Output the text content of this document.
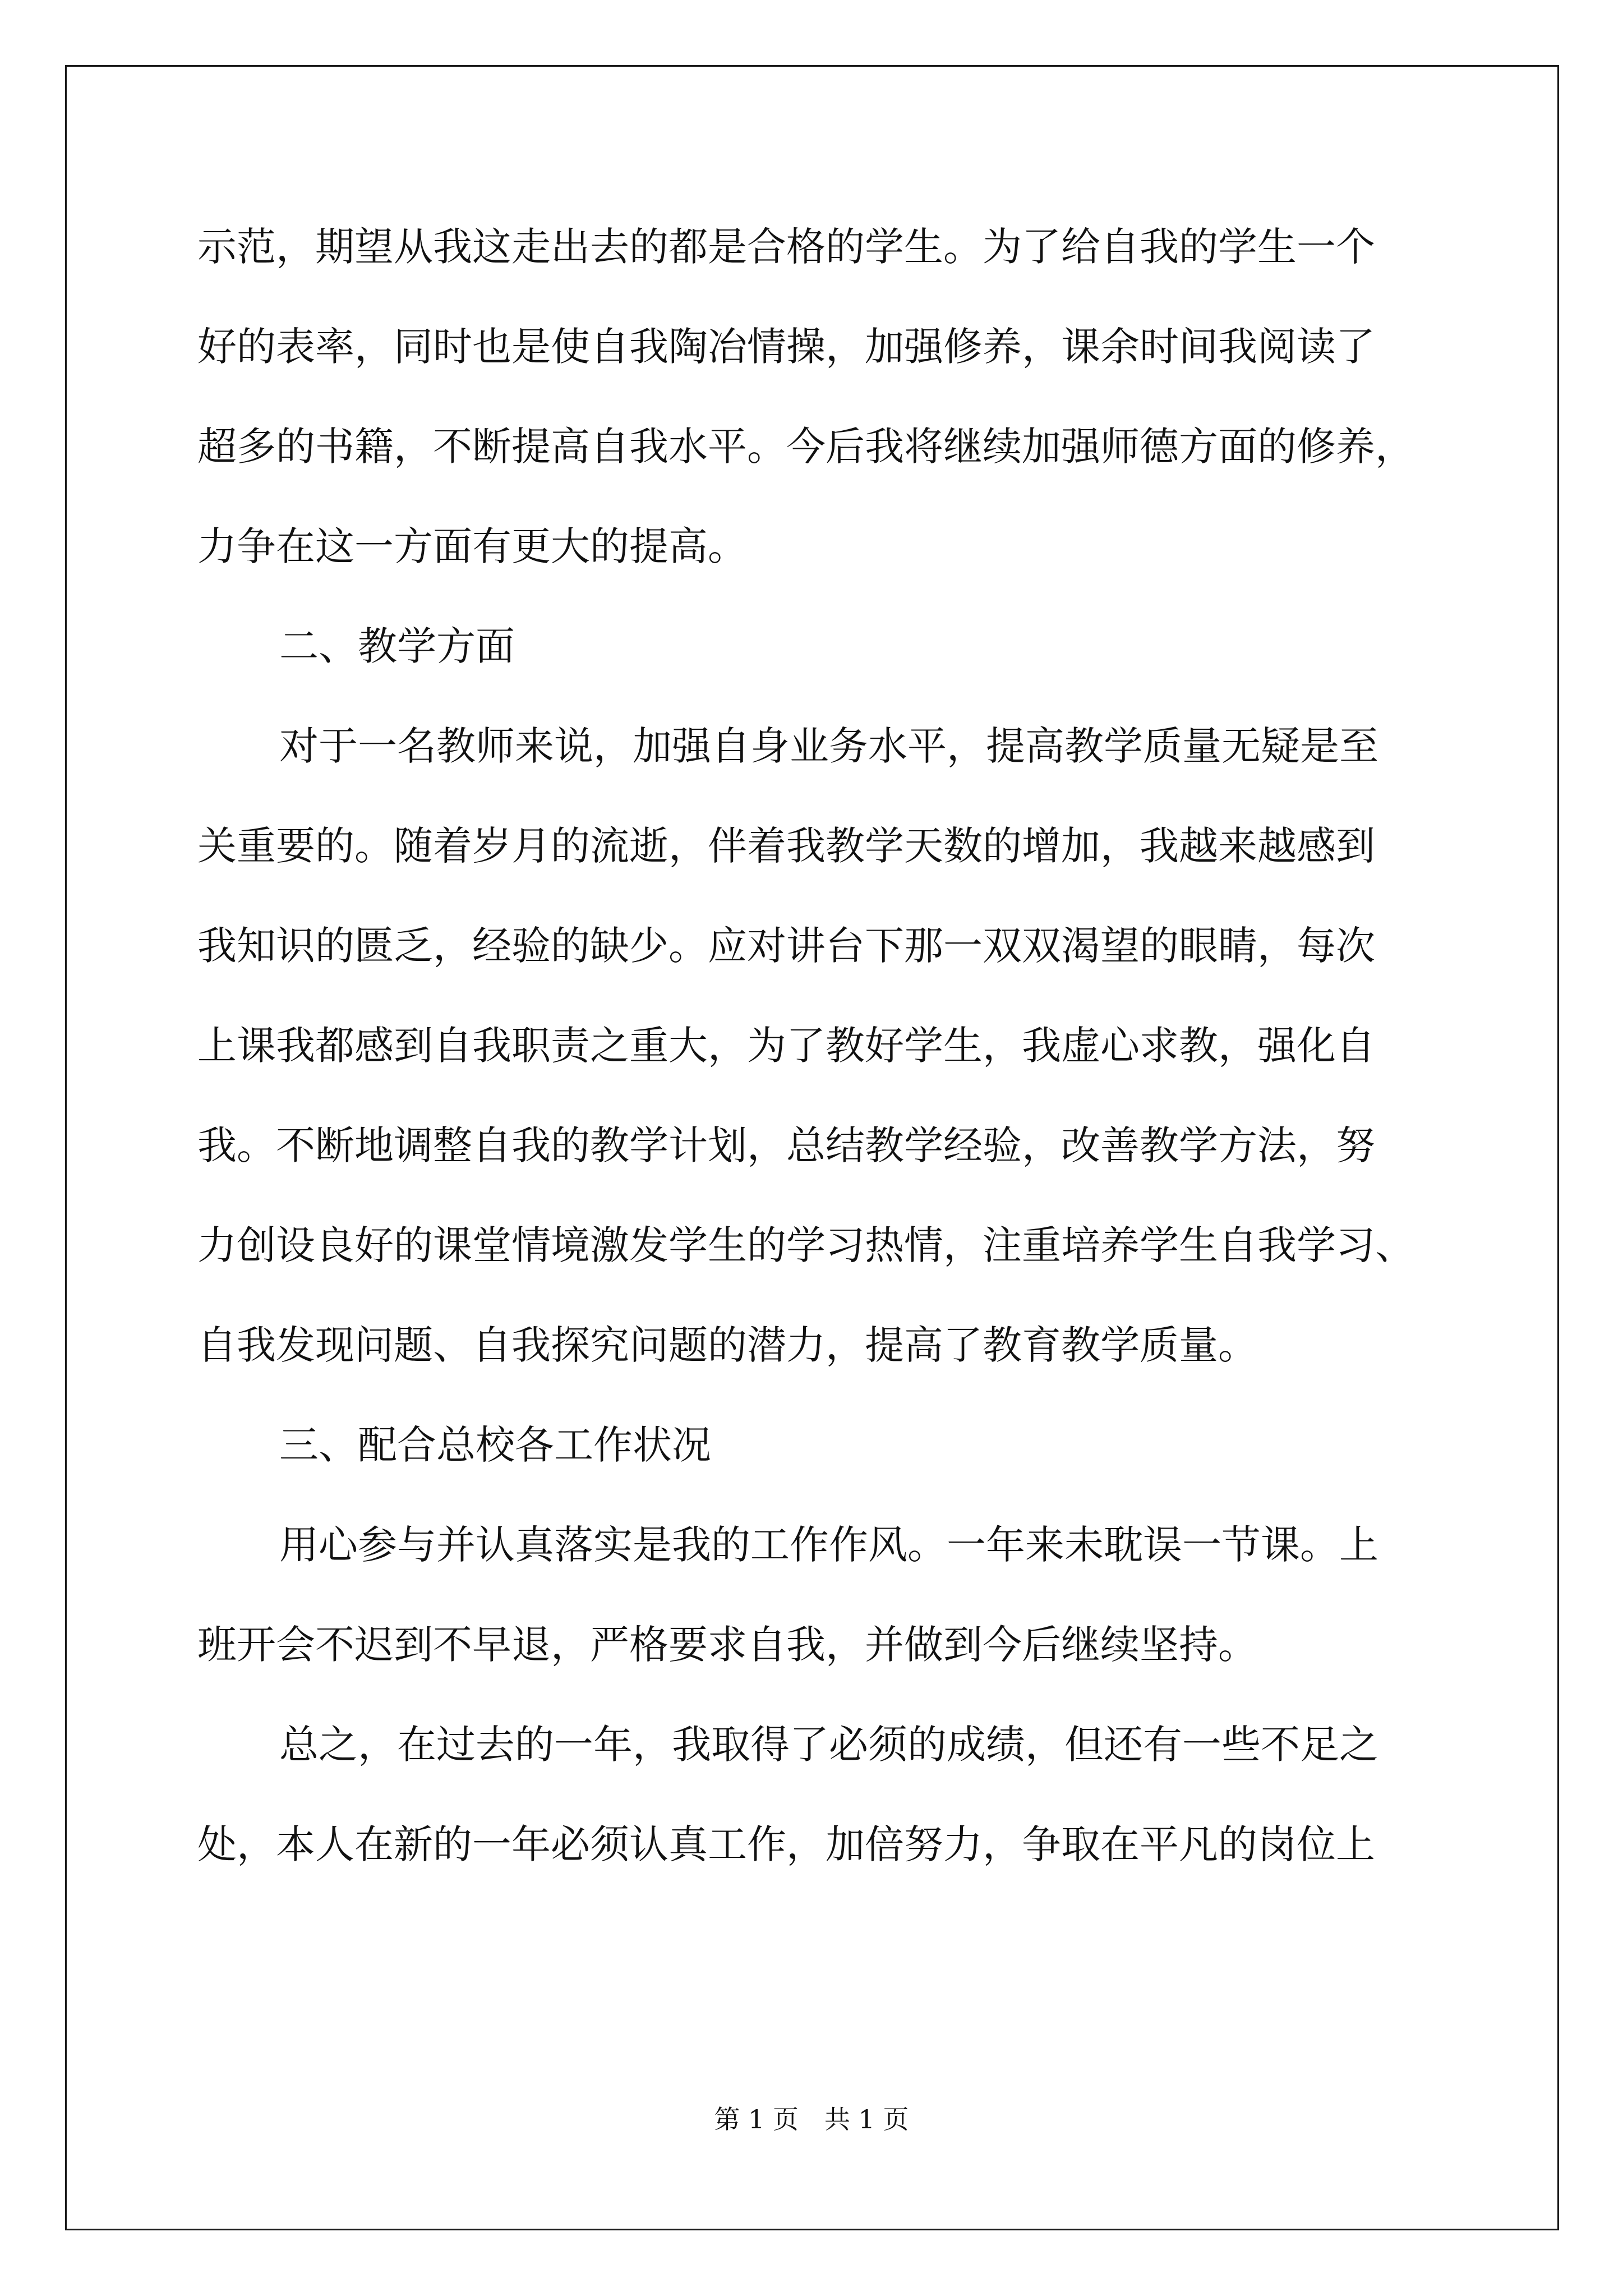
示范，期望从我这走出去的都是合格的学生。为了给自我的学生一个
好的表率，同时也是使自我陶冶情操，加强修养，课余时间我阅读了
超多的书籍，不断提高自我水平。今后我将继续加强师德方面的修养，
力争在这一方面有更大的提高。
二、教学方面
对于一名教师来说，加强自身业务水平，提高教学质量无疑是至
关重要的。随着岁月的流逝，伴着我教学天数的增加，我越来越感到
我知识的匮乏，经验的缺少。应对讲台下那一双双渴望的眼睛，每次
上课我都感到自我职责之重大，为了教好学生，我虚心求教，强化自
我。不断地调整自我的教学计划，总结教学经验，改善教学方法，努
力创设良好的课堂情境激发学生的学习热情，注重培养学生自我学习、
自我发现问题、自我探究问题的潜力，提高了教育教学质量。
三、配合总校各工作状况
用心参与并认真落实是我的工作作风。一年来未耽误一节课。上
班开会不迟到不早退，严格要求自我，并做到今后继续坚持。
总之，在过去的一年，我取得了必须的成绩，但还有一些不足之
处，本人在新的一年必须认真工作，加倍努力，争取在平凡的岗位上
第 1 页　共 1 页
